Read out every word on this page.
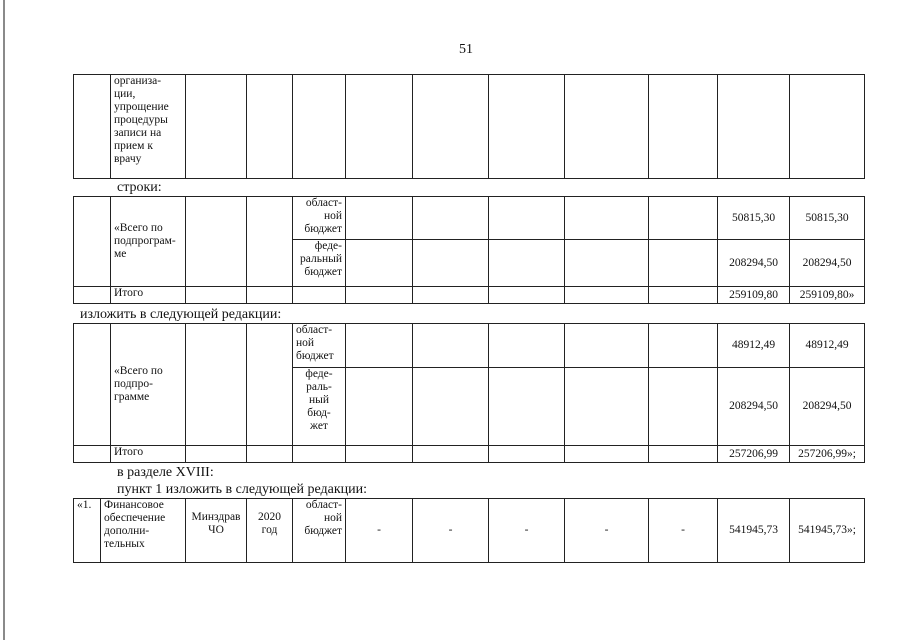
51
	организа-
ции,
упрощение
процедуры
записи на
прием к
врачу										
строки:
	«Всего по
подпрограм-
ме			област-
ной
бюджет						50815,30	50815,30
				феде-
ральный
бюджет						208294,50	208294,50
	Итого									259109,80	259109,80»
изложить в следующей редакции:
	«Всего по
подпро-
грамме			област-
ной
бюджет						48912,49	48912,49
				феде-
раль-
ный
бюд-
жет						208294,50	208294,50
	Итого									257206,99	257206,99»;
в разделе XVIII:
пункт 1 изложить в следующей редакции:
«1.	Финансовое
обеспечение
дополни-
тельных	Минздрав
ЧО	2020
год	област-
ной
бюджет	-	-	-	-	-	541945,73	541945,73»;
